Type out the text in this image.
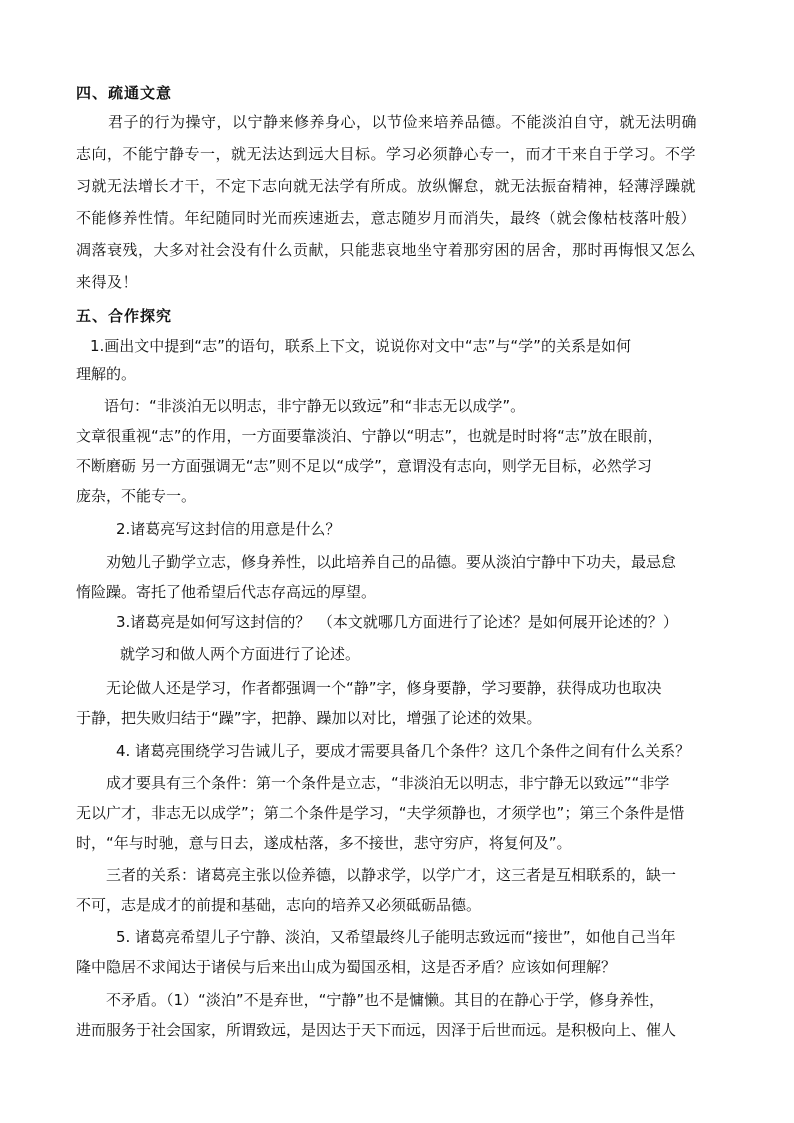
四、疏通文意
君子的行为操守，以宁静来修养身心，以节俭来培养品德。不能淡泊自守，就无法明确
志向，不能宁静专一，就无法达到远大目标。学习必须静心专一，而才干来自于学习。不学
习就无法增长才干，不定下志向就无法学有所成。放纵懈怠，就无法振奋精神，轻薄浮躁就
不能修养性情。年纪随同时光而疾速逝去，意志随岁月而消失，最终（就会像枯枝落叶般）
凋落衰残，大多对社会没有什么贡献，只能悲哀地坐守着那穷困的居舍，那时再悔恨又怎么
来得及！
五、合作探究
1.画出文中提到“志”的语句，联系上下文，说说你对文中“志”与“学”的关系是如何
理解的。
语句：“非淡泊无以明志，非宁静无以致远”和“非志无以成学”。
文章很重视“志”的作用，一方面要靠淡泊、宁静以“明志”，也就是时时将“志”放在眼前，
不断磨砺 另一方面强调无“志”则不足以“成学”，意谓没有志向，则学无目标，必然学习
庞杂，不能专一。
2.诸葛亮写这封信的用意是什么？
劝勉儿子勤学立志，修身养性，以此培养自己的品德。要从淡泊宁静中下功夫，最忌怠
惰险躁。寄托了他希望后代志存高远的厚望。
3.诸葛亮是如何写这封信的？　（本文就哪几方面进行了论述？是如何展开论述的？）
就学习和做人两个方面进行了论述。
无论做人还是学习，作者都强调一个“静”字，修身要静，学习要静，获得成功也取决
于静，把失败归结于“躁”字，把静、躁加以对比，增强了论述的效果。
4. 诸葛亮围绕学习告诫儿子，要成才需要具备几个条件？这几个条件之间有什么关系？
成才要具有三个条件：第一个条件是立志，“非淡泊无以明志，非宁静无以致远”“非学
无以广才，非志无以成学”；第二个条件是学习，“夫学须静也，才须学也”；第三个条件是惜
时，“年与时驰，意与日去，遂成枯落，多不接世，悲守穷庐，将复何及”。
三者的关系：诸葛亮主张以俭养德，以静求学，以学广才，这三者是互相联系的，缺一
不可，志是成才的前提和基础，志向的培养又必须砥砺品德。
5. 诸葛亮希望儿子宁静、淡泊，又希望最终儿子能明志致远而“接世”，如他自己当年
隆中隐居不求闻达于诸侯与后来出山成为蜀国丞相，这是否矛盾？应该如何理解？
不矛盾。（1）“淡泊”不是弃世，“宁静”也不是慵懒。其目的在静心于学，修身养性，
进而服务于社会国家，所谓致远，是因达于天下而远，因泽于后世而远。是积极向上、催人
